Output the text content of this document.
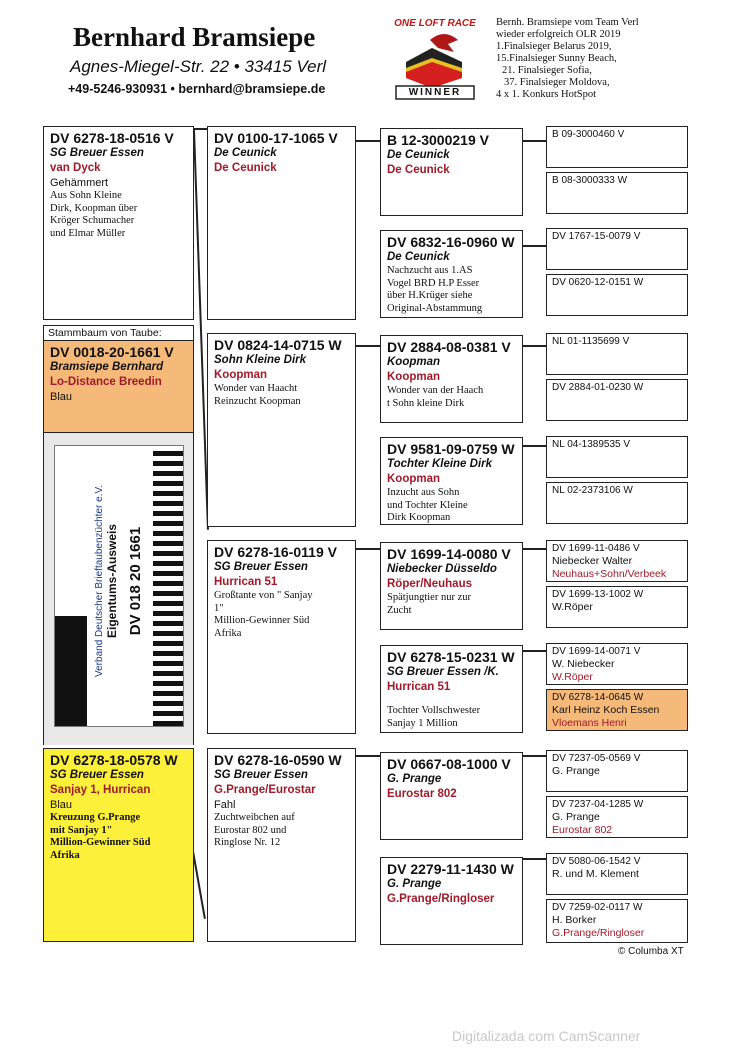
Bernhard Bramsiepe
Agnes-Miegel-Str. 22 • 33415 Verl
+49-5246-930931 • bernhard@bramsiepe.de
ONE LOFT RACE
WINNER
Bernh. Bramsiepe vom Team Verl
wieder erfolgreich OLR 2019
1.Finalsieger Belarus 2019,
15.Finalsieger Sunny Beach,
21. Finalsieger Sofia,
37. Finalsieger Moldova,
4 x 1. Konkurs HotSpot
DV 6278-18-0516 V
SG Breuer Essen
van Dyck
Gehämmert
Aus Sohn Kleine
Dirk, Koopman über
Kröger Schumacher
und Elmar Müller
Stammbaum von Taube:
DV 0018-20-1661 V
Bramsiepe Bernhard
Lo-Distance Breedin
Blau
Verband Deutscher Brieftaubenzüchter e.V. Eigentums-Ausweis DV 018 20 1661
DV 6278-18-0578 W
SG Breuer Essen
Sanjay 1, Hurrican
Blau
Kreuzung G.Prange
mit Sanjay 1"
Million-Gewinner Süd
Afrika
DV 0100-17-1065 V
De Ceunick
De Ceunick
DV 0824-14-0715 W
Sohn Kleine Dirk
Koopman
Wonder van Haacht
Reinzucht Koopman
DV 6278-16-0119 V
SG Breuer Essen
Hurrican 51
Großtante von " Sanjay
1"
Million-Gewinner Süd
Afrika
DV 6278-16-0590 W
SG Breuer Essen
G.Prange/Eurostar
Fahl
Zuchtweibchen auf
Eurostar 802 und
Ringlose Nr. 12
B 12-3000219 V
De Ceunick
De Ceunick
DV 6832-16-0960 W
De Ceunick
Nachzucht aus 1.AS
Vogel BRD H.P Esser
über H.Krüger siehe
Original-Abstammung
DV 2884-08-0381 V
Koopman
Koopman
Wonder van der Haach
t Sohn kleine Dirk
DV 9581-09-0759 W
Tochter Kleine Dirk
Koopman
Inzucht aus Sohn
und Tochter Kleine
Dirk Koopman
DV 1699-14-0080 V
Niebecker Düsseldo
Röper/Neuhaus
Spätjungtier nur zur
Zucht
DV 6278-15-0231 W
SG Breuer Essen /K.
Hurrican 51
Tochter Vollschwester
Sanjay 1 Million
DV 0667-08-1000 V
G. Prange
Eurostar 802
DV 2279-11-1430 W
G. Prange
G.Prange/Ringloser
B 09-3000460 V
B 08-3000333 W
DV 1767-15-0079 V
DV 0620-12-0151 W
NL 01-1135699 V
DV 2884-01-0230 W
NL 04-1389535 V
NL 02-2373106 W
DV 1699-11-0486 V
Niebecker Walter
Neuhaus+Sohn/Verbeek
DV 1699-13-1002 W
W.Röper
DV 1699-14-0071 V
W. Niebecker
W.Röper
DV 6278-14-0645 W
Karl Heinz Koch Essen
Vloemans Henri
DV 7237-05-0569 V
G. Prange
DV 7237-04-1285 W
G. Prange
Eurostar 802
DV 5080-06-1542 V
R. und M. Klement
DV 7259-02-0117 W
H. Borker
G.Prange/Ringloser
© Columba XT
Digitalizada com CamScanner
